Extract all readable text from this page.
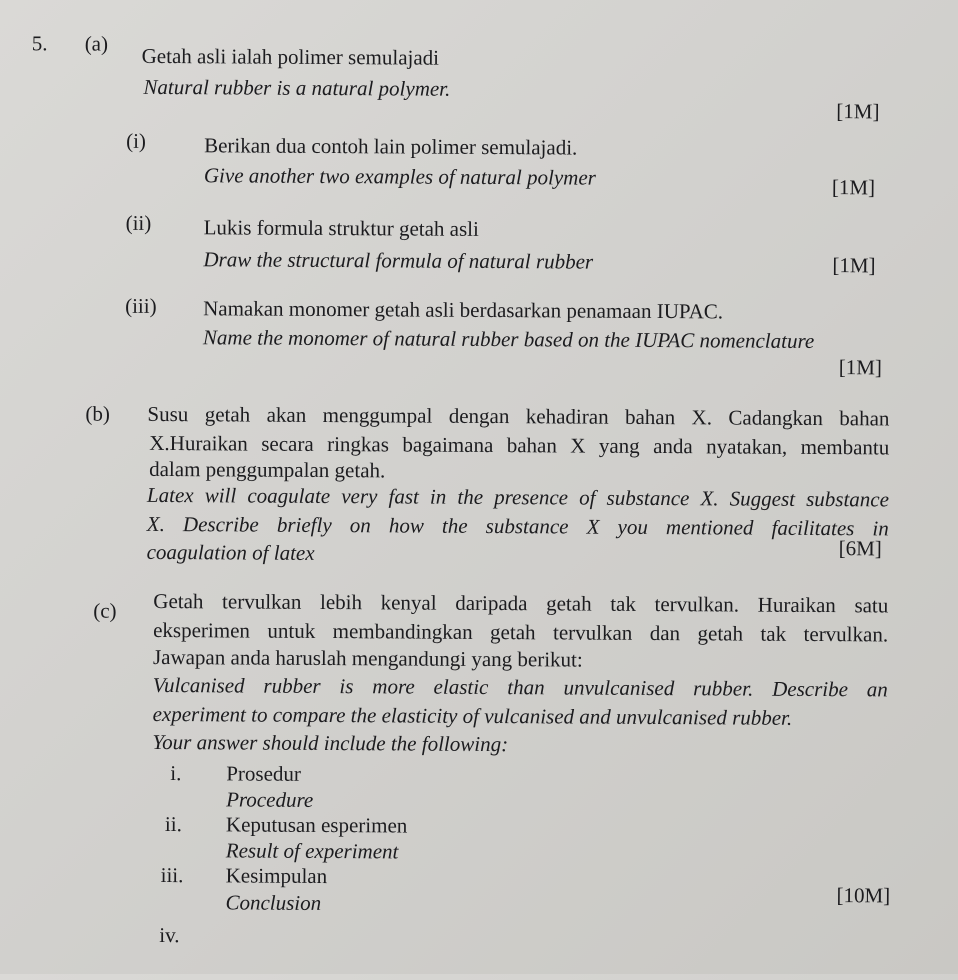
5. (a)
Getah asli ialah polimer semulajadi
Natural rubber is a natural polymer.
[1M]
(i)	Berikan dua contoh lain polimer semulajadi.
Give another two examples of natural polymer	[1M]
(ii) Lukis formula struktur getah asli
Draw the structural formula of natural rubber	[1M]
(iii) Namakan monomer getah asli berdasarkan penamaan IUPAC.
Name the monomer of natural rubber based on the IUPAC nomenclature
[1M]
(b) Susu getah akan menggumpal dengan kehadiran bahan X. Cadangkan bahan
X.Huraikan secara ringkas bagaimana bahan X yang anda nyatakan, membantu
dalam penggumpalan getah.
Latex will coagulate very fast in the presence of substance X. Suggest substance
X. Describe briefly on how the substance X you mentioned facilitates in
coagulation of latex	[6M]
(c) Getah tervulkan lebih kenyal daripada getah tak tervulkan. Huraikan satu
eksperimen untuk membandingkan getah tervulkan dan getah tak tervulkan.
Jawapan anda haruslah mengandungi yang berikut:
Vulcanised rubber is more elastic than unvulcanised rubber. Describe an
experiment to compare the elasticity of vulcanised and unvulcanised rubber.
Your answer should include the following:
i. Prosedur
Procedure
ii. Keputusan esperimen
Result of experiment
iii. Kesimpulan
Conclusion	[10M]
iv.
